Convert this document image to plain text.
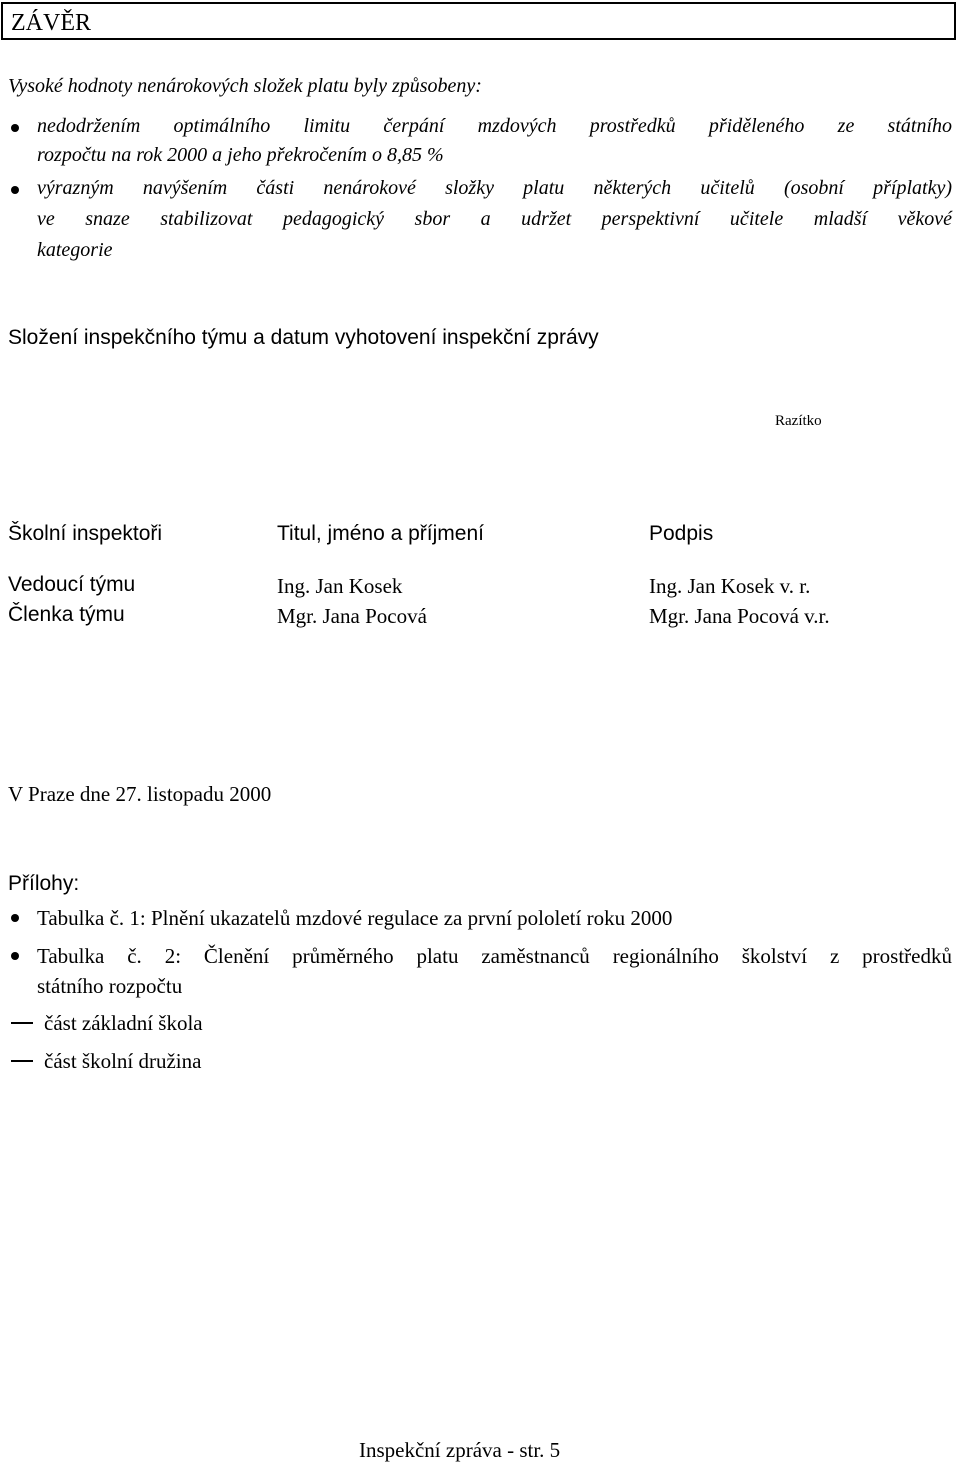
ZÁVĚR
Vysoké hodnoty nenárokových složek platu byly způsobeny:
nedodržením optimálního limitu čerpání mzdových prostředků přiděleného ze státního
rozpočtu na rok 2000 a jeho překročením o 8,85 %
výrazným navýšením části nenárokové složky platu některých učitelů (osobní příplatky)
ve snaze stabilizovat pedagogický sbor a udržet perspektivní učitele mladší věkové
kategorie
Složení inspekčního týmu a datum vyhotovení inspekční zprávy
Razítko
Školní inspektoři	Titul, jméno a příjmení	Podpis
Vedoucí týmu	Ing. Jan Kosek	Ing. Jan Kosek v. r.
Členka týmu	Mgr. Jana Pocová	Mgr. Jana Pocová v.r.
V Praze dne 27. listopadu 2000
Přílohy:
Tabulka č. 1: Plnění ukazatelů mzdové regulace za první pololetí roku 2000
Tabulka č. 2: Členění průměrného platu zaměstnanců regionálního školství z prostředků
státního rozpočtu
část základní škola
část školní družina
Inspekční zpráva - str. 5
